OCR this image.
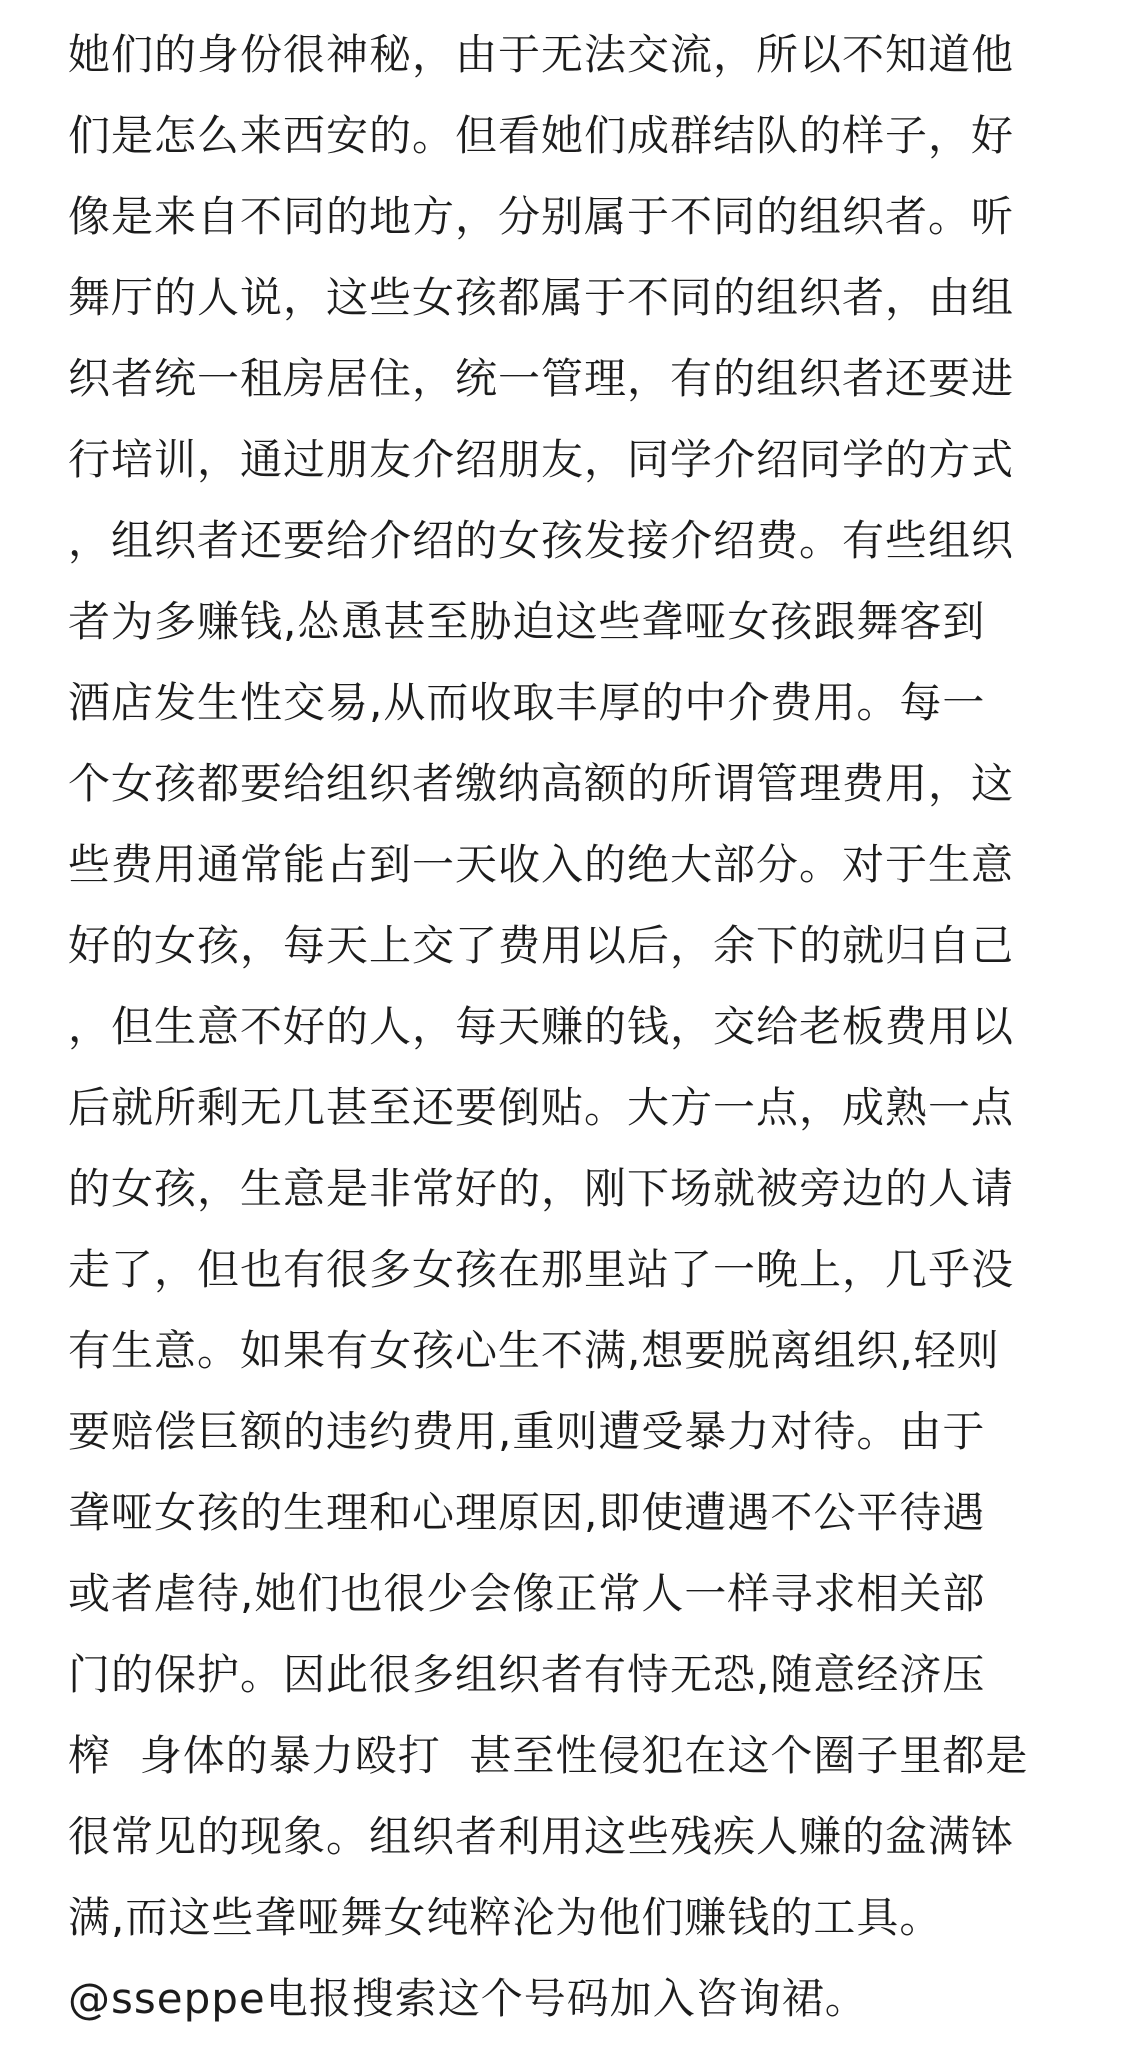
她们的身份很神秘，由于无法交流，所以不知道他
们是怎么来西安的。但看她们成群结队的样子，好
像是来自不同的地方，分别属于不同的组织者。听
舞厅的人说，这些女孩都属于不同的组织者，由组
织者统一租房居住，统一管理，有的组织者还要进
行培训，通过朋友介绍朋友，同学介绍同学的方式
，组织者还要给介绍的女孩发接介绍费。有些组织
者为多赚钱,怂恿甚至胁迫这些聋哑女孩跟舞客到
酒店发生性交易,从而收取丰厚的中介费用。每一
个女孩都要给组织者缴纳高额的所谓管理费用，这
些费用通常能占到一天收入的绝大部分。对于生意
好的女孩，每天上交了费用以后，余下的就归自己
，但生意不好的人，每天赚的钱，交给老板费用以
后就所剩无几甚至还要倒贴。大方一点，成熟一点
的女孩，生意是非常好的，刚下场就被旁边的人请
走了，但也有很多女孩在那里站了一晚上，几乎没
有生意。如果有女孩心生不满,想要脱离组织,轻则
要赔偿巨额的违约费用,重则遭受暴力对待。由于
聋哑女孩的生理和心理原因,即使遭遇不公平待遇
或者虐待,她们也很少会像正常人一样寻求相关部
门的保护。因此很多组织者有恃无恐,随意经济压
榨  身体的暴力殴打  甚至性侵犯在这个圈子里都是
很常见的现象。组织者利用这些残疾人赚的盆满钵
满,而这些聋哑舞女纯粹沦为他们赚钱的工具。
@sseppe电报搜索这个号码加入咨询裙。
